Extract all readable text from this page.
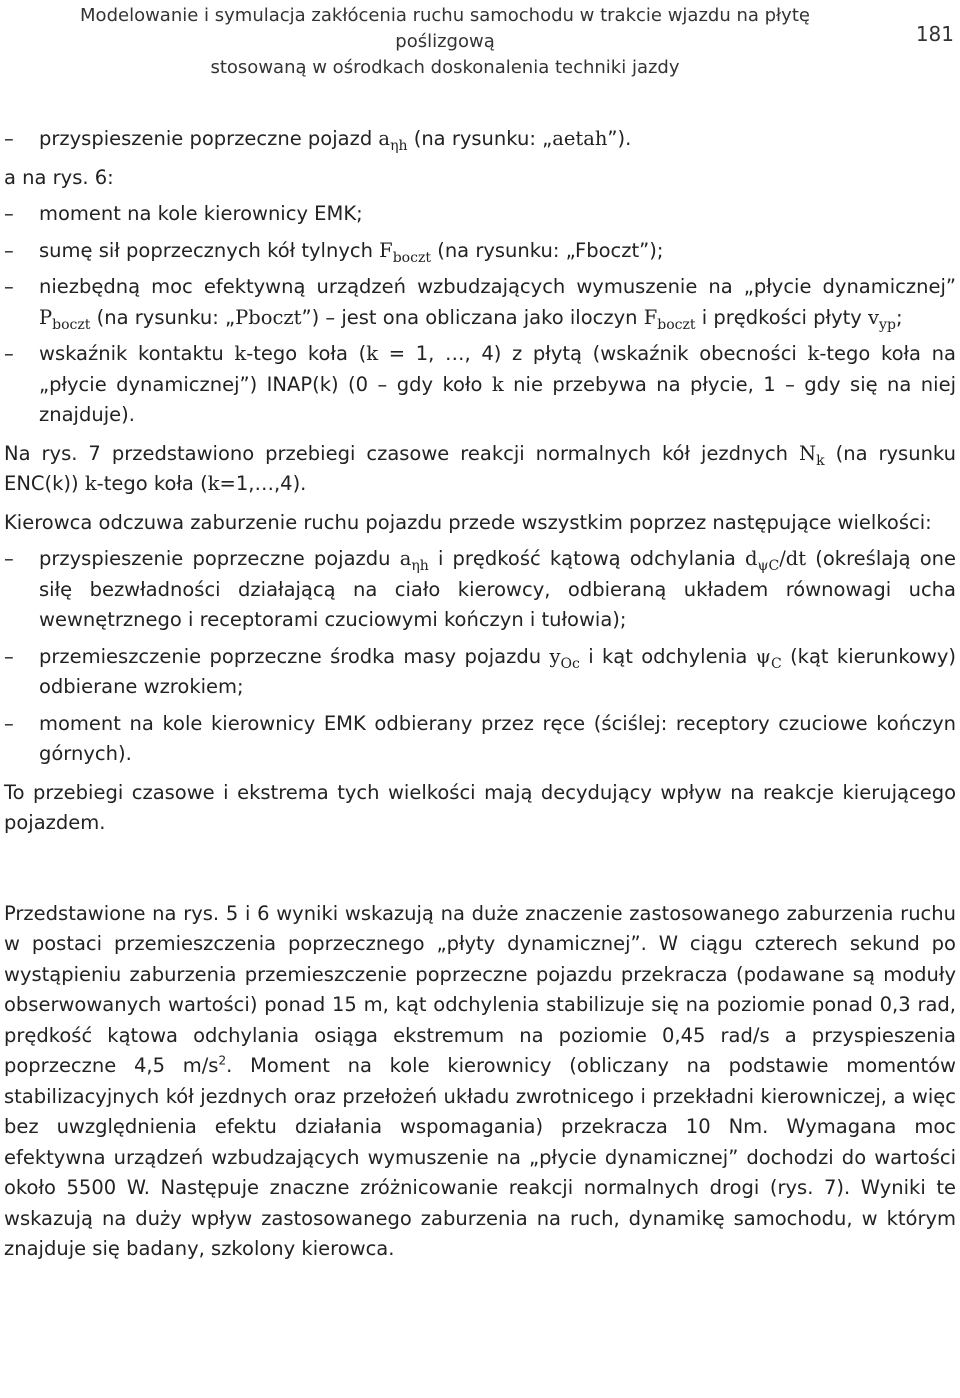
Modelowanie i symulacja zakłócenia ruchu samochodu w trakcie wjazdu na płytę poślizgową
stosowaną w ośrodkach doskonalenia techniki jazdy
181

– przyspieszenie poprzeczne pojazd $a_{\eta h}$ (na rysunku: „aetah”).

a na rys. 6:

– moment na kole kierownicy EMK;

– sumę sił poprzecznych kół tylnych $F_{boczt}$ (na rysunku: „Fboczt”);

– niezbędną moc efektywną urządzeń wzbudzających wymuszenie na „płycie dynamicznej” $P_{boczt}$ (na rysunku: „Pboczt”) – jest ona obliczana jako iloczyn $F_{boczt}$ i prędkości płyty $v_{yp}$;

– wskaźnik kontaktu k-tego koła (k = 1, …, 4) z płytą (wskaźnik obecności k-tego koła na „płycie dynamicznej”) INAP(k) (0 – gdy koło k nie przebywa na płycie, 1 – gdy się na niej znajduje).

Na rys. 7 przedstawiono przebiegi czasowe reakcji normalnych kół jezdnych $N_k$ (na rysunku ENC(k)) k-tego koła (k=1,…,4).

Kierowca odczuwa zaburzenie ruchu pojazdu przede wszystkim poprzez następujące wielkości:

– przyspieszenie poprzeczne pojazdu $a_{\eta h}$ i prędkość kątową odchylania $d_{\psi C}/dt$ (określają one siłę bezwładności działającą na ciało kierowcy, odbieraną układem równowagi ucha wewnętrznego i receptorami czuciowymi kończyn i tułowia);

– przemieszczenie poprzeczne środka masy pojazdu $y_{Oc}$ i kąt odchylenia $\psi_C$ (kąt kierunkowy) odbierane wzrokiem;

– moment na kole kierownicy EMK odbierany przez ręce (ściślej: receptory czuciowe kończyn górnych).

To przebiegi czasowe i ekstrema tych wielkości mają decydujący wpływ na reakcje kierującego pojazdem.

Przedstawione na rys. 5 i 6 wyniki wskazują na duże znaczenie zastosowanego zaburzenia ruchu w postaci przemieszczenia poprzecznego „płyty dynamicznej”. W ciągu czterech sekund po wystąpieniu zaburzenia przemieszczenie poprzeczne pojazdu przekracza (podawane są moduły obserwowanych wartości) ponad 15 m, kąt odchylenia stabilizuje się na poziomie ponad 0,3 rad, prędkość kątowa odchylania osiąga ekstremum na poziomie 0,45 rad/s a przyspieszenia poprzeczne 4,5 $m/s^2$. Moment na kole kierownicy (obliczany na podstawie momentów stabilizacyjnych kół jezdnych oraz przełożeń układu zwrotnicego i przekładni kierowniczej, a więc bez uwzględnienia efektu działania wspomagania) przekracza 10 Nm. Wymagana moc efektywna urządzeń wzbudzających wymuszenie na „płycie dynamicznej” dochodzi do wartości około 5500 W. Następuje znaczne zróżnicowanie reakcji normalnych drogi (rys. 7). Wyniki te wskazują na duży wpływ zastosowanego zaburzenia na ruch, dynamikę samochodu, w którym znajduje się badany, szkolony kierowca.
